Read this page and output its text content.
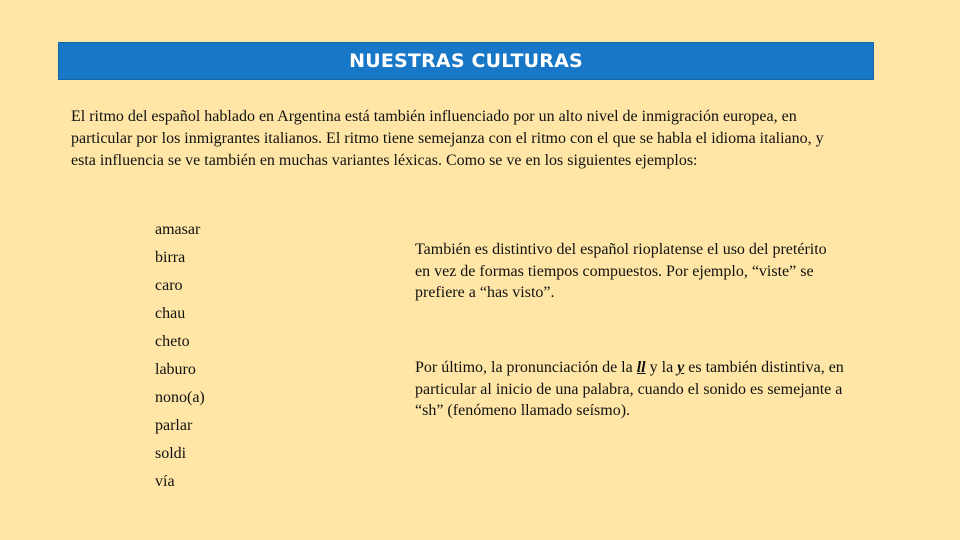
NUESTRAS CULTURAS

El ritmo del español hablado en Argentina está también influenciado por un alto nivel de inmigración europea, en particular por los inmigrantes italianos. El ritmo tiene semejanza con el ritmo con el que se habla el idioma italiano, y esta influencia se ve también en muchas variantes léxicas. Como se ve en los siguientes ejemplos:

amasar
birra
caro
chau
cheto
laburo
nono(a)
parlar
soldi
vía

También es distintivo del español rioplatense el uso del pretérito en vez de formas tiempos compuestos. Por ejemplo, “viste” se prefiere a “has visto”.

Por último, la pronunciación de la ll y la y es también distintiva, en particular al inicio de una palabra, cuando el sonido es semejante a “sh” (fenómeno llamado seísmo).
